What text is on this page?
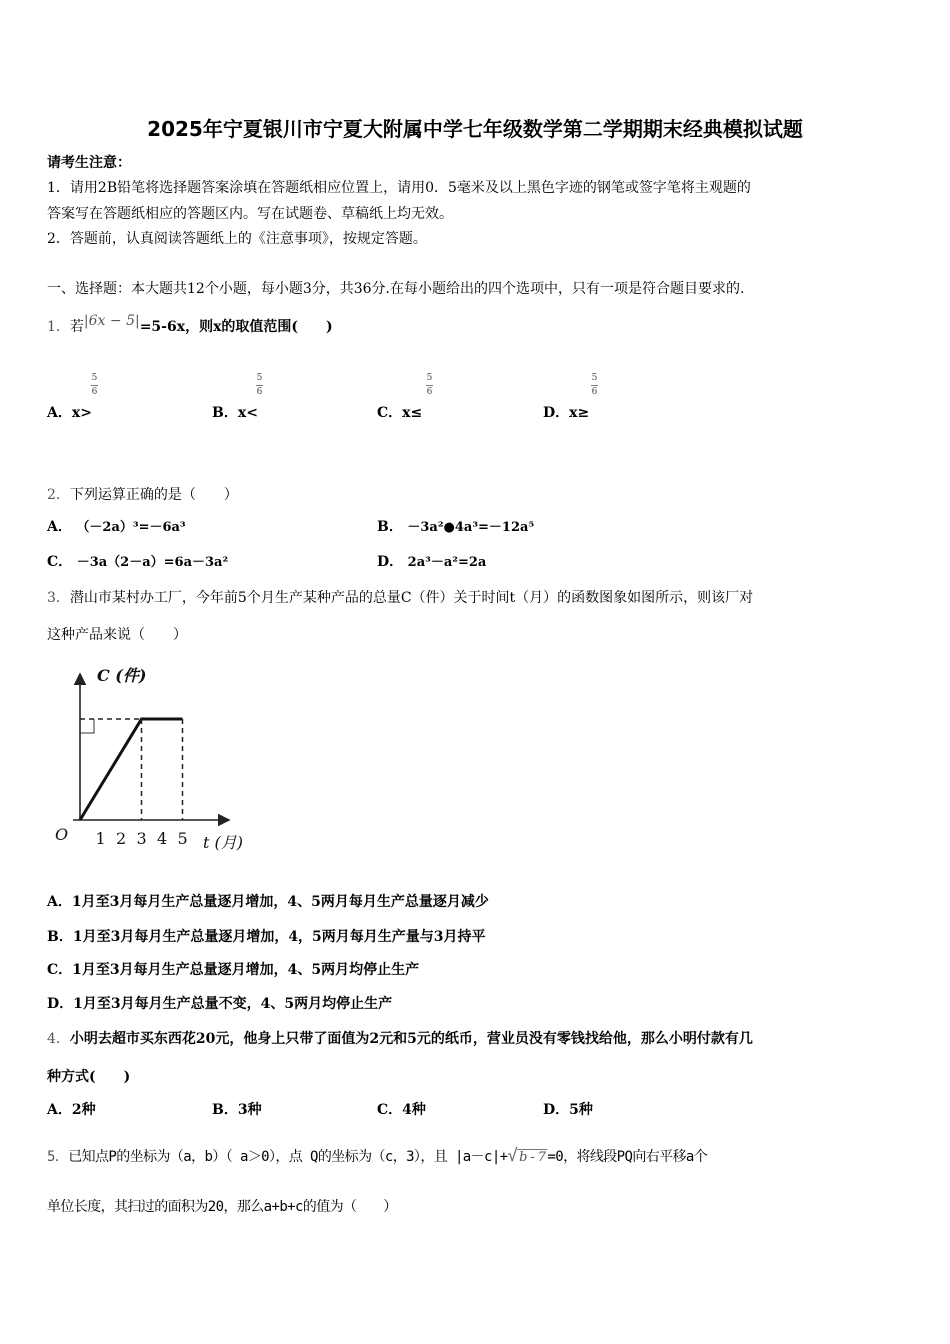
2025年宁夏银川市宁夏大附属中学七年级数学第二学期期末经典模拟试题
请考生注意：
1．请用2B铅笔将选择题答案涂填在答题纸相应位置上，请用0．5毫米及以上黑色字迹的钢笔或签字笔将主观题的
答案写在答题纸相应的答题区内。写在试题卷、草稿纸上均无效。
2．答题前，认真阅读答题纸上的《注意事项》，按规定答题。
一、选择题：本大题共12个小题，每小题3分，共36分.在每小题给出的四个选项中，只有一项是符合题目要求的.
1．若|6x − 5|=5-6x，则x的取值范围(　　)
A．x>
5
6
B．x<
5
6
C．x≤
5
6
D．x≥
5
6
2．下列运算正确的是（　　）
A． （－2a）³=－6a³	B． －3a²●4a³=－12a⁵
C． －3a（2－a）=6a－3a²	D． 2a³－a²=2a
3．潜山市某村办工厂，今年前5个月生产某种产品的总量C（件）关于时间t（月）的函数图象如图所示，则该厂对
这种产品来说（　　）
C (件)
O 1 2 3 4 5 t (月)
A．1月至3月每月生产总量逐月增加，4、5两月每月生产总量逐月减少
B．1月至3月每月生产总量逐月增加，4，5两月每月生产量与3月持平
C．1月至3月每月生产总量逐月增加，4、5两月均停止生产
D．1月至3月每月生产总量不变，4、5两月均停止生产
4．小明去超市买东西花20元，他身上只带了面值为2元和5元的纸币，营业员没有零钱找给他，那么小明付款有几
种方式(　　)
A．2种	B．3种	C．4种	D．5种
5．已知点P的坐标为（a，b）（ a＞0），点 Q的坐标为（c，3），且 |a－c|+√ b - 7 =0，将线段PQ向右平移a个
单位长度，其扫过的面积为20，那么a+b+c的值为（　　）
